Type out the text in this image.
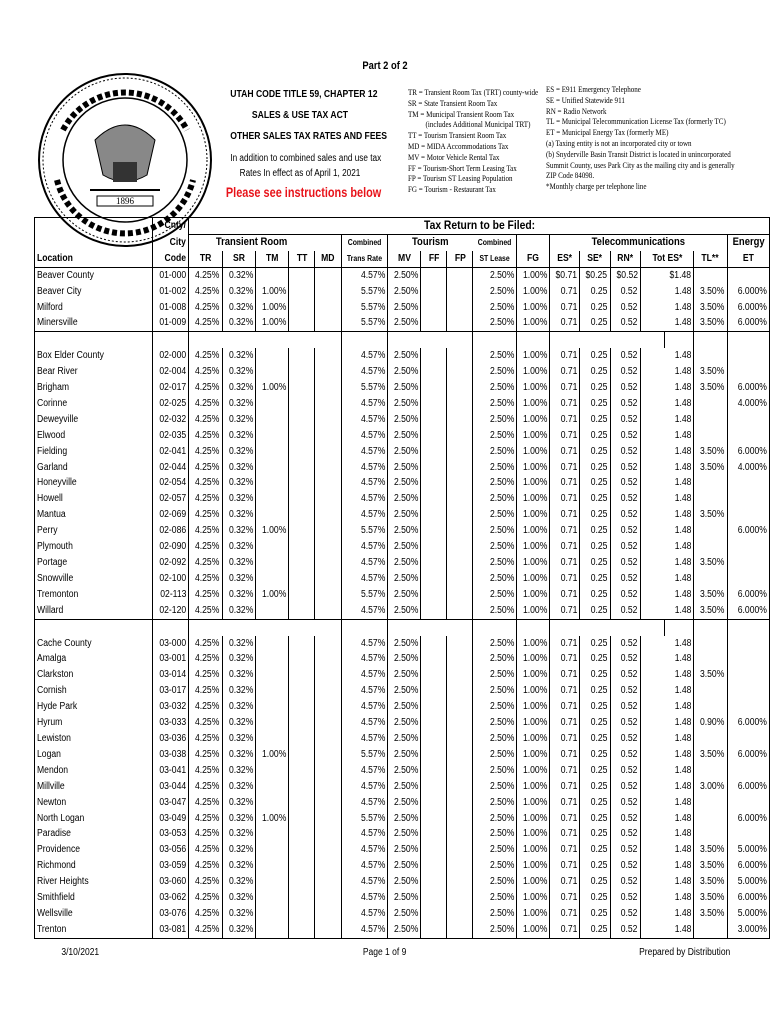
Part 2 of 2
1896
UTAH CODE TITLE 59, CHAPTER 12
SALES & USE TAX ACT
OTHER SALES TAX RATES AND FEES
In addition to combined sales and use tax
Rates In effect as of April 1, 2021
Please see instructions below
TR = Transient Room Tax (TRT) county-wide
SR = State Transient Room Tax
TM = Municipal Transient Room Tax
(includes Additional Municipal TRT)
TT = Tourism Transient Room Tax
MD = MIDA Accommodations Tax
MV = Motor Vehicle Rental Tax
FF = Tourism-Short Term Leasing Tax
FP = Tourism ST Leasing Population
FG = Tourism - Restaurant Tax
ES = E911 Emergency Telephone
SE = Unified Statewide 911
RN = Radio Network
TL = Municipal Telecommunication License Tax (formerly TC)
ET = Municipal Energy Tax (formerly ME)
(a) Taxing entity is not an incorporated city or town
(b) Snyderville Basin Transit District is located in unincorporated
Summit County, uses Park City as the mailing city and is generally
ZIP Code 84098.
*Monthly charge per telephone line
	Cnty/	Tax Return to be Filed:																	
	City	Transient Room					Combined	Tourism			Combined		Telecommunications						Energy
Location	Code	TR	SR	TM	TT	MD	Trans Rate	MV	FF	FP	ST Lease	FG	ES*	SE*	RN*	Tot ES*		TL**	ET
Beaver County	01-000	4.25%	0.32%				4.57%	2.50%			2.50%	1.00%	$0.71	$0.25	$0.52		$1.48		
Beaver City	01-002	4.25%	0.32%	1.00%			5.57%	2.50%			2.50%	1.00%	0.71	0.25	0.52		1.48	3.50%	6.000%
Milford	01-008	4.25%	0.32%	1.00%			5.57%	2.50%			2.50%	1.00%	0.71	0.25	0.52		1.48	3.50%	6.000%
Minersville	01-009	4.25%	0.32%	1.00%			5.57%	2.50%			2.50%	1.00%	0.71	0.25	0.52		1.48	3.50%	6.000%

Box Elder County	02-000	4.25%	0.32%				4.57%	2.50%			2.50%	1.00%	0.71	0.25	0.52		1.48		
Bear River	02-004	4.25%	0.32%				4.57%	2.50%			2.50%	1.00%	0.71	0.25	0.52		1.48	3.50%	
Brigham	02-017	4.25%	0.32%	1.00%			5.57%	2.50%			2.50%	1.00%	0.71	0.25	0.52		1.48	3.50%	6.000%
Corinne	02-025	4.25%	0.32%				4.57%	2.50%			2.50%	1.00%	0.71	0.25	0.52		1.48		4.000%
Deweyville	02-032	4.25%	0.32%				4.57%	2.50%			2.50%	1.00%	0.71	0.25	0.52		1.48		
Elwood	02-035	4.25%	0.32%				4.57%	2.50%			2.50%	1.00%	0.71	0.25	0.52		1.48		
Fielding	02-041	4.25%	0.32%				4.57%	2.50%			2.50%	1.00%	0.71	0.25	0.52		1.48	3.50%	6.000%
Garland	02-044	4.25%	0.32%				4.57%	2.50%			2.50%	1.00%	0.71	0.25	0.52		1.48	3.50%	4.000%
Honeyville	02-054	4.25%	0.32%				4.57%	2.50%			2.50%	1.00%	0.71	0.25	0.52		1.48		
Howell	02-057	4.25%	0.32%				4.57%	2.50%			2.50%	1.00%	0.71	0.25	0.52		1.48		
Mantua	02-069	4.25%	0.32%				4.57%	2.50%			2.50%	1.00%	0.71	0.25	0.52		1.48	3.50%	
Perry	02-086	4.25%	0.32%	1.00%			5.57%	2.50%			2.50%	1.00%	0.71	0.25	0.52		1.48		6.000%
Plymouth	02-090	4.25%	0.32%				4.57%	2.50%			2.50%	1.00%	0.71	0.25	0.52		1.48		
Portage	02-092	4.25%	0.32%				4.57%	2.50%			2.50%	1.00%	0.71	0.25	0.52		1.48	3.50%	
Snowville	02-100	4.25%	0.32%				4.57%	2.50%			2.50%	1.00%	0.71	0.25	0.52		1.48		
Tremonton	02-113	4.25%	0.32%	1.00%			5.57%	2.50%			2.50%	1.00%	0.71	0.25	0.52		1.48	3.50%	6.000%
Willard	02-120	4.25%	0.32%				4.57%	2.50%			2.50%	1.00%	0.71	0.25	0.52		1.48	3.50%	6.000%

Cache County	03-000	4.25%	0.32%				4.57%	2.50%			2.50%	1.00%	0.71	0.25	0.52		1.48		
Amalga	03-001	4.25%	0.32%				4.57%	2.50%			2.50%	1.00%	0.71	0.25	0.52		1.48		
Clarkston	03-014	4.25%	0.32%				4.57%	2.50%			2.50%	1.00%	0.71	0.25	0.52		1.48	3.50%	
Cornish	03-017	4.25%	0.32%				4.57%	2.50%			2.50%	1.00%	0.71	0.25	0.52		1.48		
Hyde Park	03-032	4.25%	0.32%				4.57%	2.50%			2.50%	1.00%	0.71	0.25	0.52		1.48		
Hyrum	03-033	4.25%	0.32%				4.57%	2.50%			2.50%	1.00%	0.71	0.25	0.52		1.48	0.90%	6.000%
Lewiston	03-036	4.25%	0.32%				4.57%	2.50%			2.50%	1.00%	0.71	0.25	0.52		1.48		
Logan	03-038	4.25%	0.32%	1.00%			5.57%	2.50%			2.50%	1.00%	0.71	0.25	0.52		1.48	3.50%	6.000%
Mendon	03-041	4.25%	0.32%				4.57%	2.50%			2.50%	1.00%	0.71	0.25	0.52		1.48		
Millville	03-044	4.25%	0.32%				4.57%	2.50%			2.50%	1.00%	0.71	0.25	0.52		1.48	3.00%	6.000%
Newton	03-047	4.25%	0.32%				4.57%	2.50%			2.50%	1.00%	0.71	0.25	0.52		1.48		
North Logan	03-049	4.25%	0.32%	1.00%			5.57%	2.50%			2.50%	1.00%	0.71	0.25	0.52		1.48		6.000%
Paradise	03-053	4.25%	0.32%				4.57%	2.50%			2.50%	1.00%	0.71	0.25	0.52		1.48		
Providence	03-056	4.25%	0.32%				4.57%	2.50%			2.50%	1.00%	0.71	0.25	0.52		1.48	3.50%	5.000%
Richmond	03-059	4.25%	0.32%				4.57%	2.50%			2.50%	1.00%	0.71	0.25	0.52		1.48	3.50%	6.000%
River Heights	03-060	4.25%	0.32%				4.57%	2.50%			2.50%	1.00%	0.71	0.25	0.52		1.48	3.50%	5.000%
Smithfield	03-062	4.25%	0.32%				4.57%	2.50%			2.50%	1.00%	0.71	0.25	0.52		1.48	3.50%	6.000%
Wellsville	03-076	4.25%	0.32%				4.57%	2.50%			2.50%	1.00%	0.71	0.25	0.52		1.48	3.50%	5.000%
Trenton	03-081	4.25%	0.32%				4.57%	2.50%			2.50%	1.00%	0.71	0.25	0.52		1.48		3.000%
3/10/2021	Page 1 of 9	Prepared by Distribution
